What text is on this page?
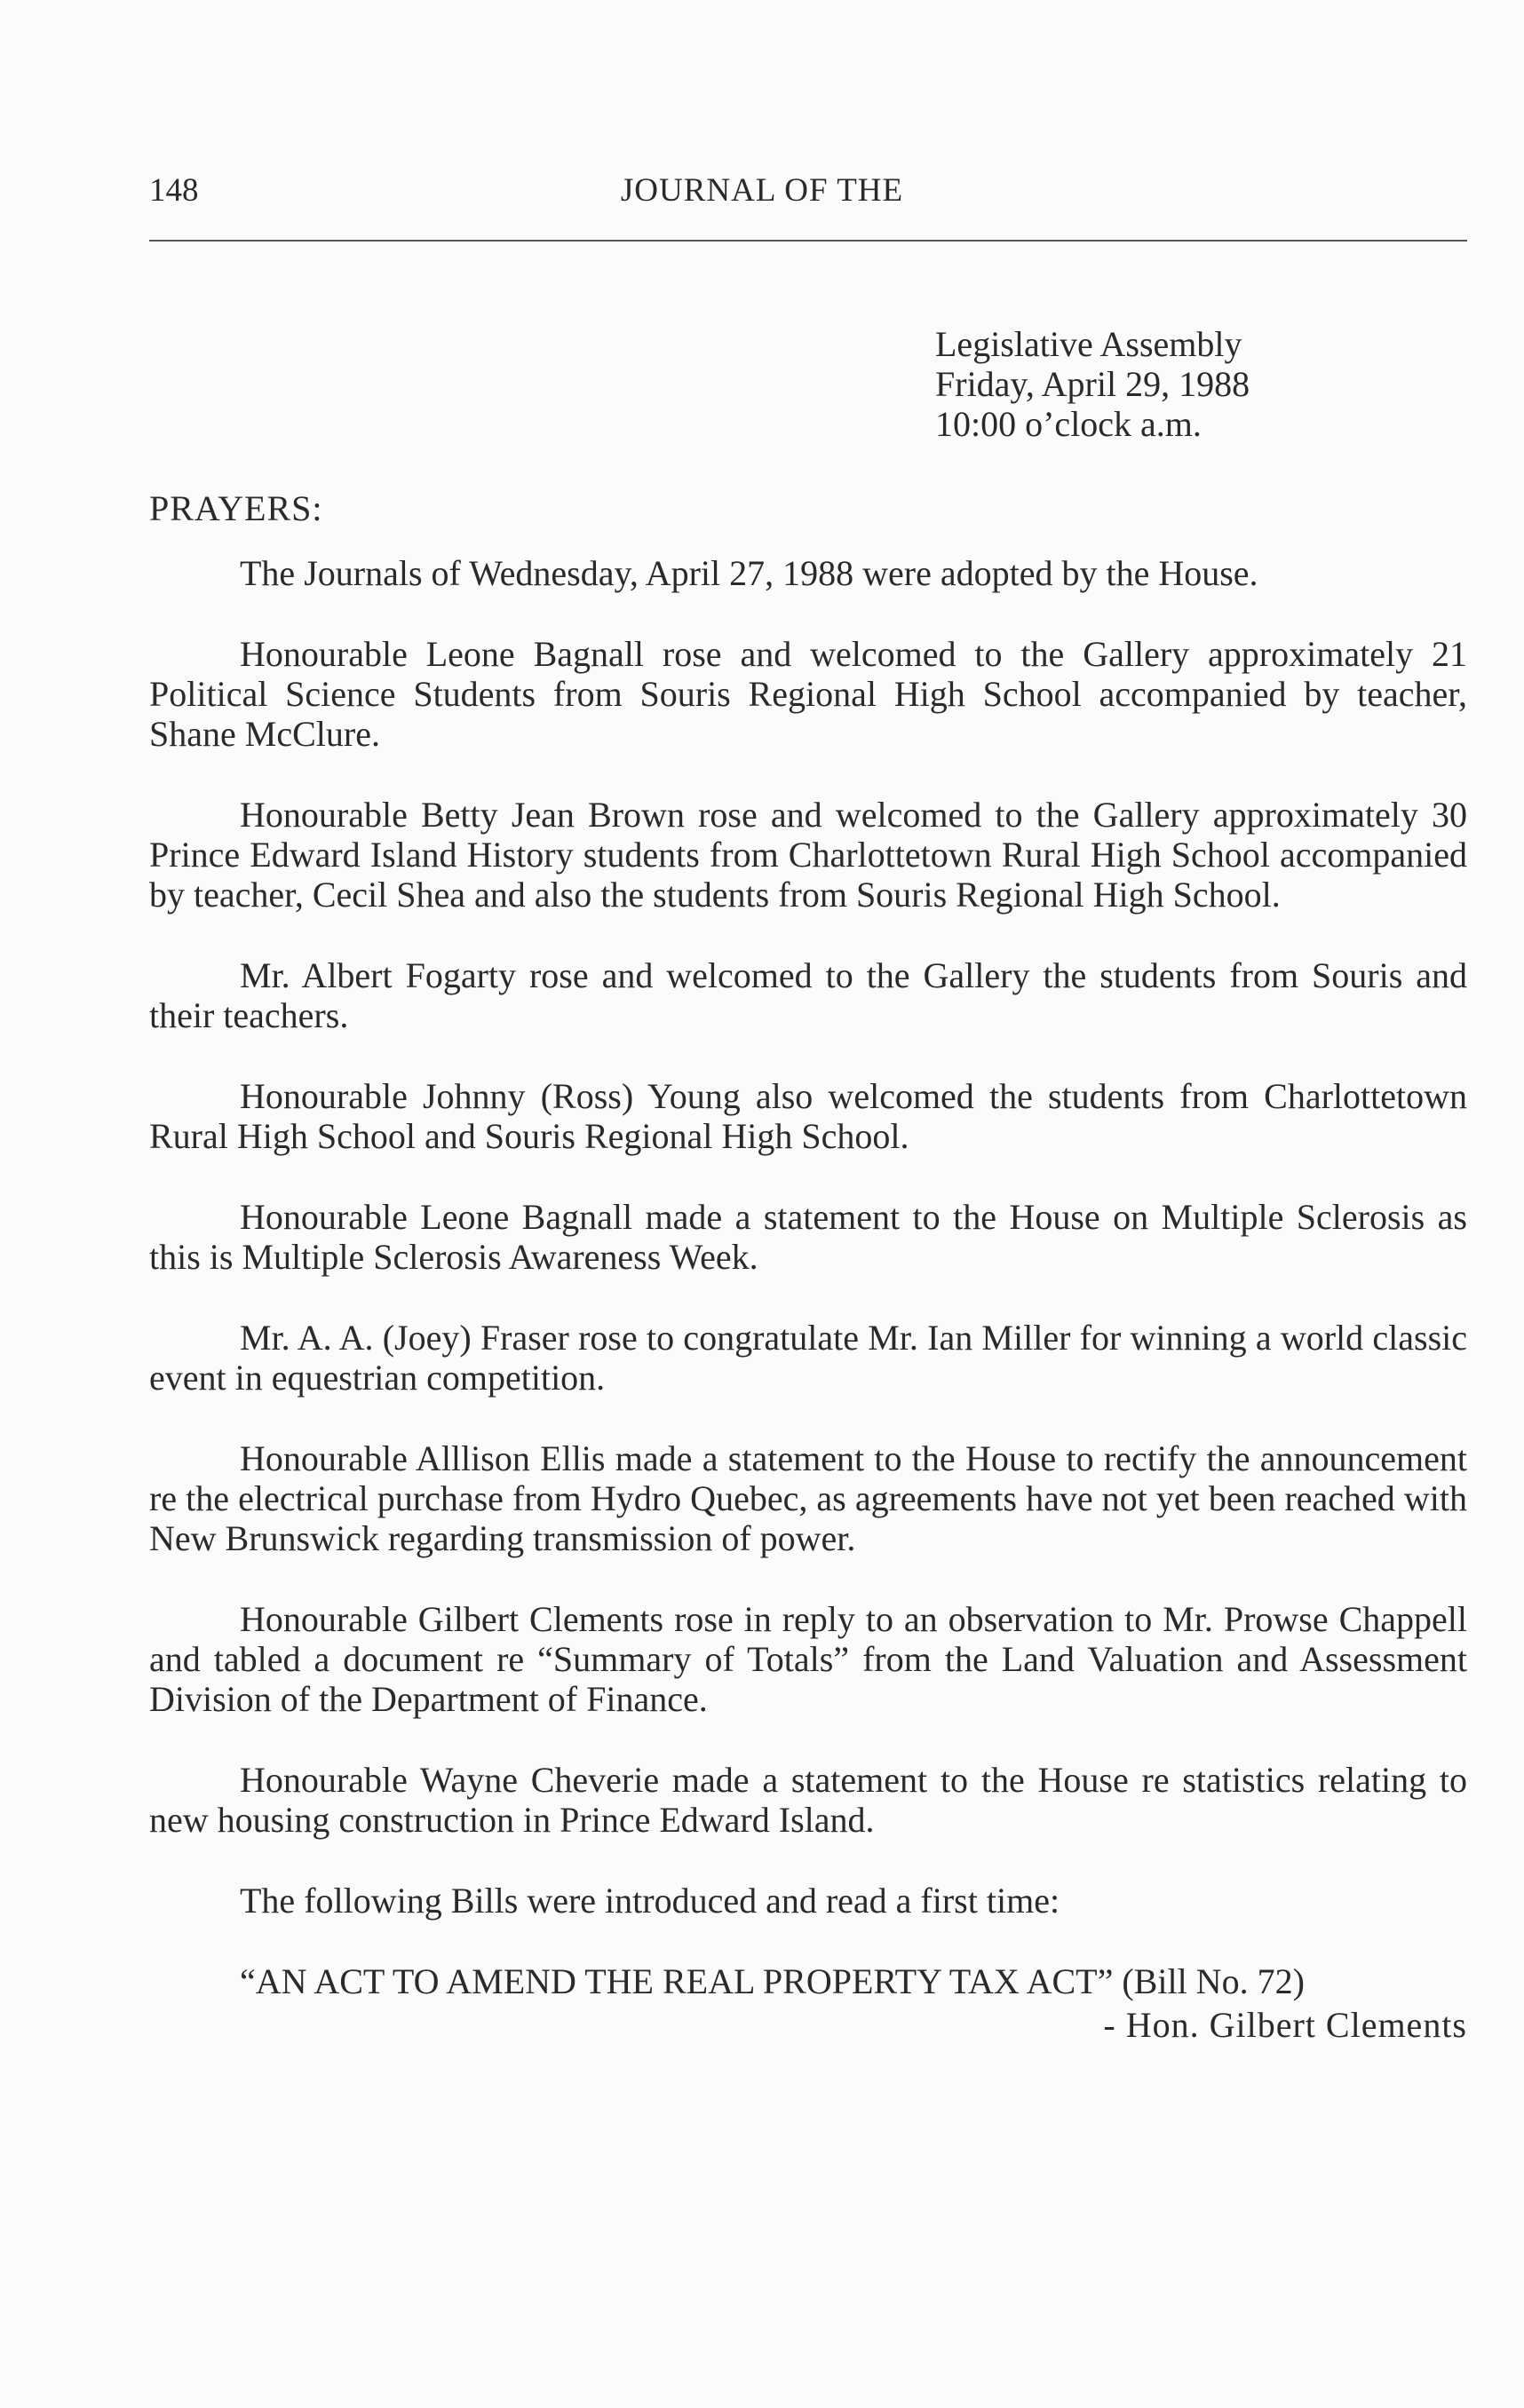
148	JOURNAL OF THE
Legislative Assembly
Friday, April 29, 1988
10:00 o’clock a.m.
PRAYERS:

The Journals of Wednesday, April 27, 1988 were adopted by the House.

Honourable Leone Bagnall rose and welcomed to the Gallery approximately 21 Political Science Students from Souris Regional High School accompanied by teacher, Shane McClure.

Honourable Betty Jean Brown rose and welcomed to the Gallery approximately 30 Prince Edward Island History students from Charlottetown Rural High School accompanied by teacher, Cecil Shea and also the students from Souris Regional High School.

Mr. Albert Fogarty rose and welcomed to the Gallery the students from Souris and their teachers.

Honourable Johnny (Ross) Young also welcomed the students from Charlottetown Rural High School and Souris Regional High School.

Honourable Leone Bagnall made a statement to the House on Multiple Sclerosis as this is Multiple Sclerosis Awareness Week.

Mr. A. A. (Joey) Fraser rose to congratulate Mr. Ian Miller for winning a world classic event in equestrian competition.

Honourable Alllison Ellis made a statement to the House to rectify the announcement re the electrical purchase from Hydro Quebec, as agreements have not yet been reached with New Brunswick regarding transmission of power.

Honourable Gilbert Clements rose in reply to an observation to Mr. Prowse Chappell and tabled a document re “Summary of Totals” from the Land Valuation and Assessment Division of the Department of Finance.

Honourable Wayne Cheverie made a statement to the House re statistics relating to new housing construction in Prince Edward Island.

The following Bills were introduced and read a first time:

“AN ACT TO AMEND THE REAL PROPERTY TAX ACT” (Bill No. 72)

- Hon. Gilbert Clements
